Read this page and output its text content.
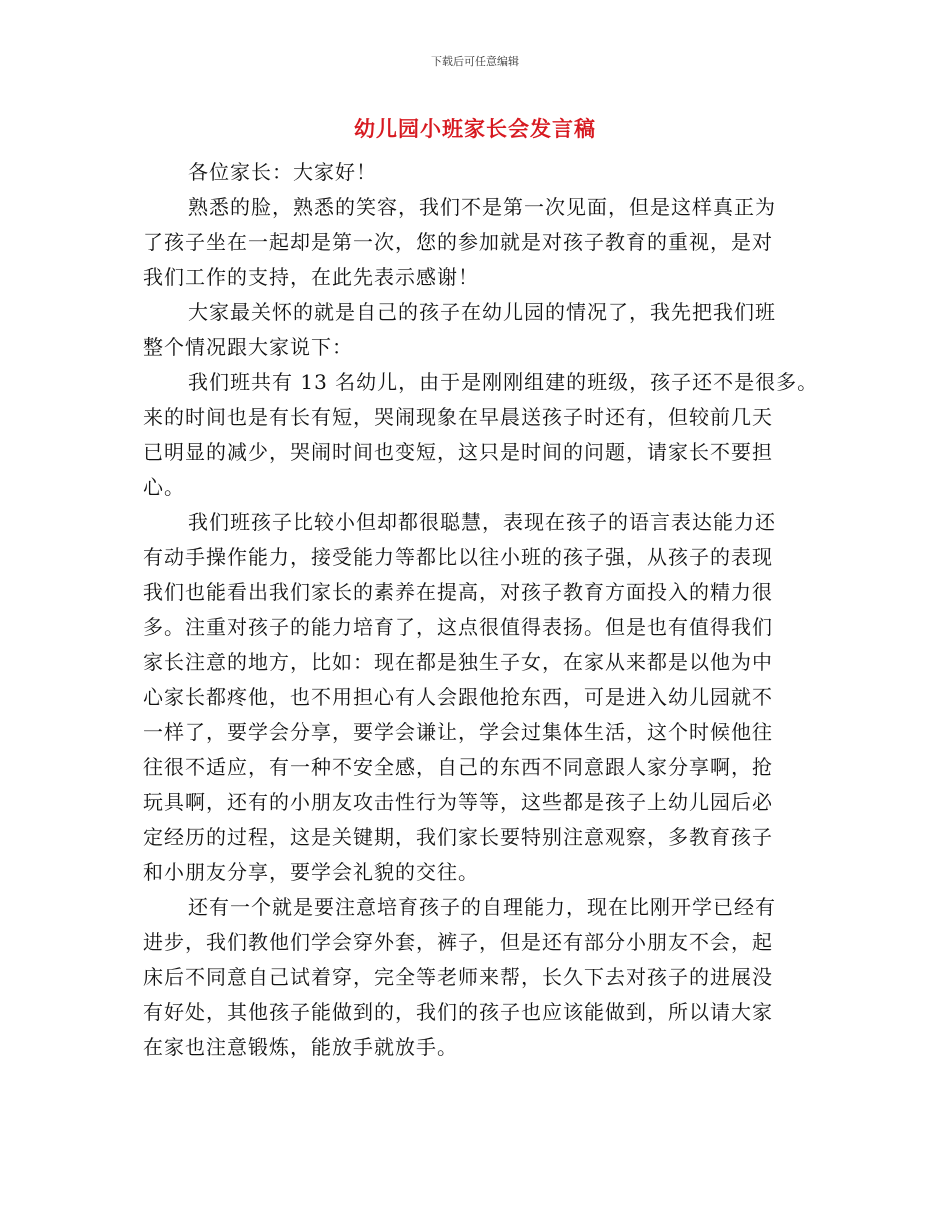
下载后可任意编辑
幼儿园小班家长会发言稿
各位家长：大家好！
熟悉的脸，熟悉的笑容，我们不是第一次见面，但是这样真正为
了孩子坐在一起却是第一次，您的参加就是对孩子教育的重视，是对
我们工作的支持，在此先表示感谢！
大家最关怀的就是自己的孩子在幼儿园的情况了，我先把我们班
整个情况跟大家说下：
我们班共有 13 名幼儿，由于是刚刚组建的班级，孩子还不是很多。
来的时间也是有长有短，哭闹现象在早晨送孩子时还有，但较前几天
已明显的减少，哭闹时间也变短，这只是时间的问题，请家长不要担
心。
我们班孩子比较小但却都很聪慧，表现在孩子的语言表达能力还
有动手操作能力，接受能力等都比以往小班的孩子强，从孩子的表现
我们也能看出我们家长的素养在提高，对孩子教育方面投入的精力很
多。注重对孩子的能力培育了，这点很值得表扬。但是也有值得我们
家长注意的地方，比如：现在都是独生子女，在家从来都是以他为中
心家长都疼他，也不用担心有人会跟他抢东西，可是进入幼儿园就不
一样了，要学会分享，要学会谦让，学会过集体生活，这个时候他往
往很不适应，有一种不安全感，自己的东西不同意跟人家分享啊，抢
玩具啊，还有的小朋友攻击性行为等等，这些都是孩子上幼儿园后必
定经历的过程，这是关键期，我们家长要特别注意观察，多教育孩子
和小朋友分享，要学会礼貌的交往。
还有一个就是要注意培育孩子的自理能力，现在比刚开学已经有
进步，我们教他们学会穿外套，裤子，但是还有部分小朋友不会，起
床后不同意自己试着穿，完全等老师来帮，长久下去对孩子的进展没
有好处，其他孩子能做到的，我们的孩子也应该能做到，所以请大家
在家也注意锻炼，能放手就放手。
